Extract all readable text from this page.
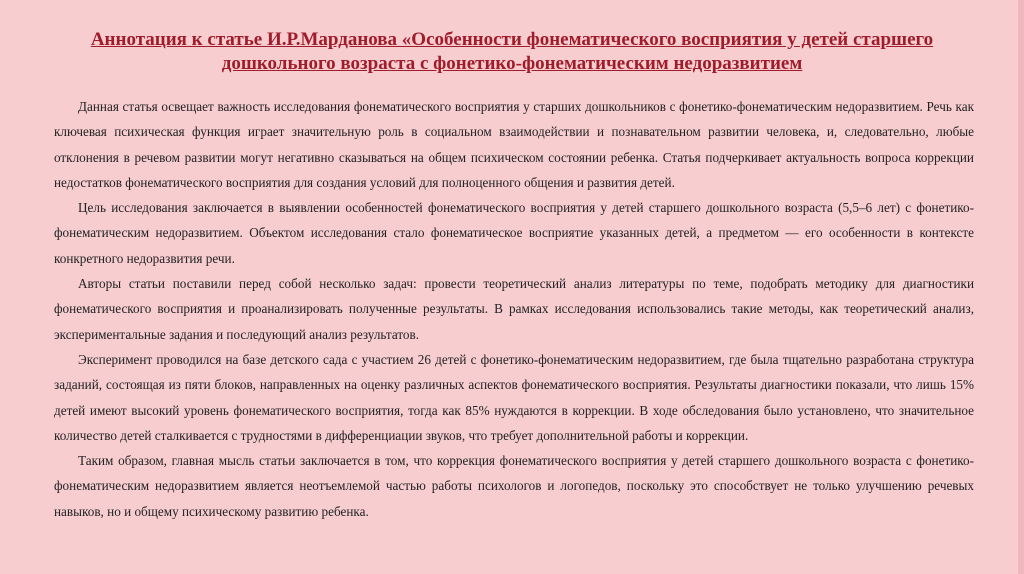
Аннотация к статье И.Р.Марданова «Особенности фонематического восприятия у детей старшего дошкольного возраста с фонетико-фонематическим недоразвитием

Данная статья освещает важность исследования фонематического восприятия у старших дошкольников с фонетико-фонематическим недоразвитием. Речь как ключевая психическая функция играет значительную роль в социальном взаимодействии и познавательном развитии человека, и, следовательно, любые отклонения в речевом развитии могут негативно сказываться на общем психическом состоянии ребенка. Статья подчеркивает актуальность вопроса коррекции недостатков фонематического восприятия для создания условий для полноценного общения и развития детей.

Цель исследования заключается в выявлении особенностей фонематического восприятия у детей старшего дошкольного возраста (5,5–6 лет) с фонетико-фонематическим недоразвитием. Объектом исследования стало фонематическое восприятие указанных детей, а предметом — его особенности в контексте конкретного недоразвития речи.

Авторы статьи поставили перед собой несколько задач: провести теоретический анализ литературы по теме, подобрать методику для диагностики фонематического восприятия и проанализировать полученные результаты. В рамках исследования использовались такие методы, как теоретический анализ, экспериментальные задания и последующий анализ результатов.

Эксперимент проводился на базе детского сада с участием 26 детей с фонетико-фонематическим недоразвитием, где была тщательно разработана структура заданий, состоящая из пяти блоков, направленных на оценку различных аспектов фонематического восприятия. Результаты диагностики показали, что лишь 15% детей имеют высокий уровень фонематического восприятия, тогда как 85% нуждаются в коррекции. В ходе обследования было установлено, что значительное количество детей сталкивается с трудностями в дифференциации звуков, что требует дополнительной работы и коррекции.

Таким образом, главная мысль статьи заключается в том, что коррекция фонематического восприятия у детей старшего дошкольного возраста с фонетико-фонематическим недоразвитием является неотъемлемой частью работы психологов и логопедов, поскольку это способствует не только улучшению речевых навыков, но и общему психическому развитию ребенка.
